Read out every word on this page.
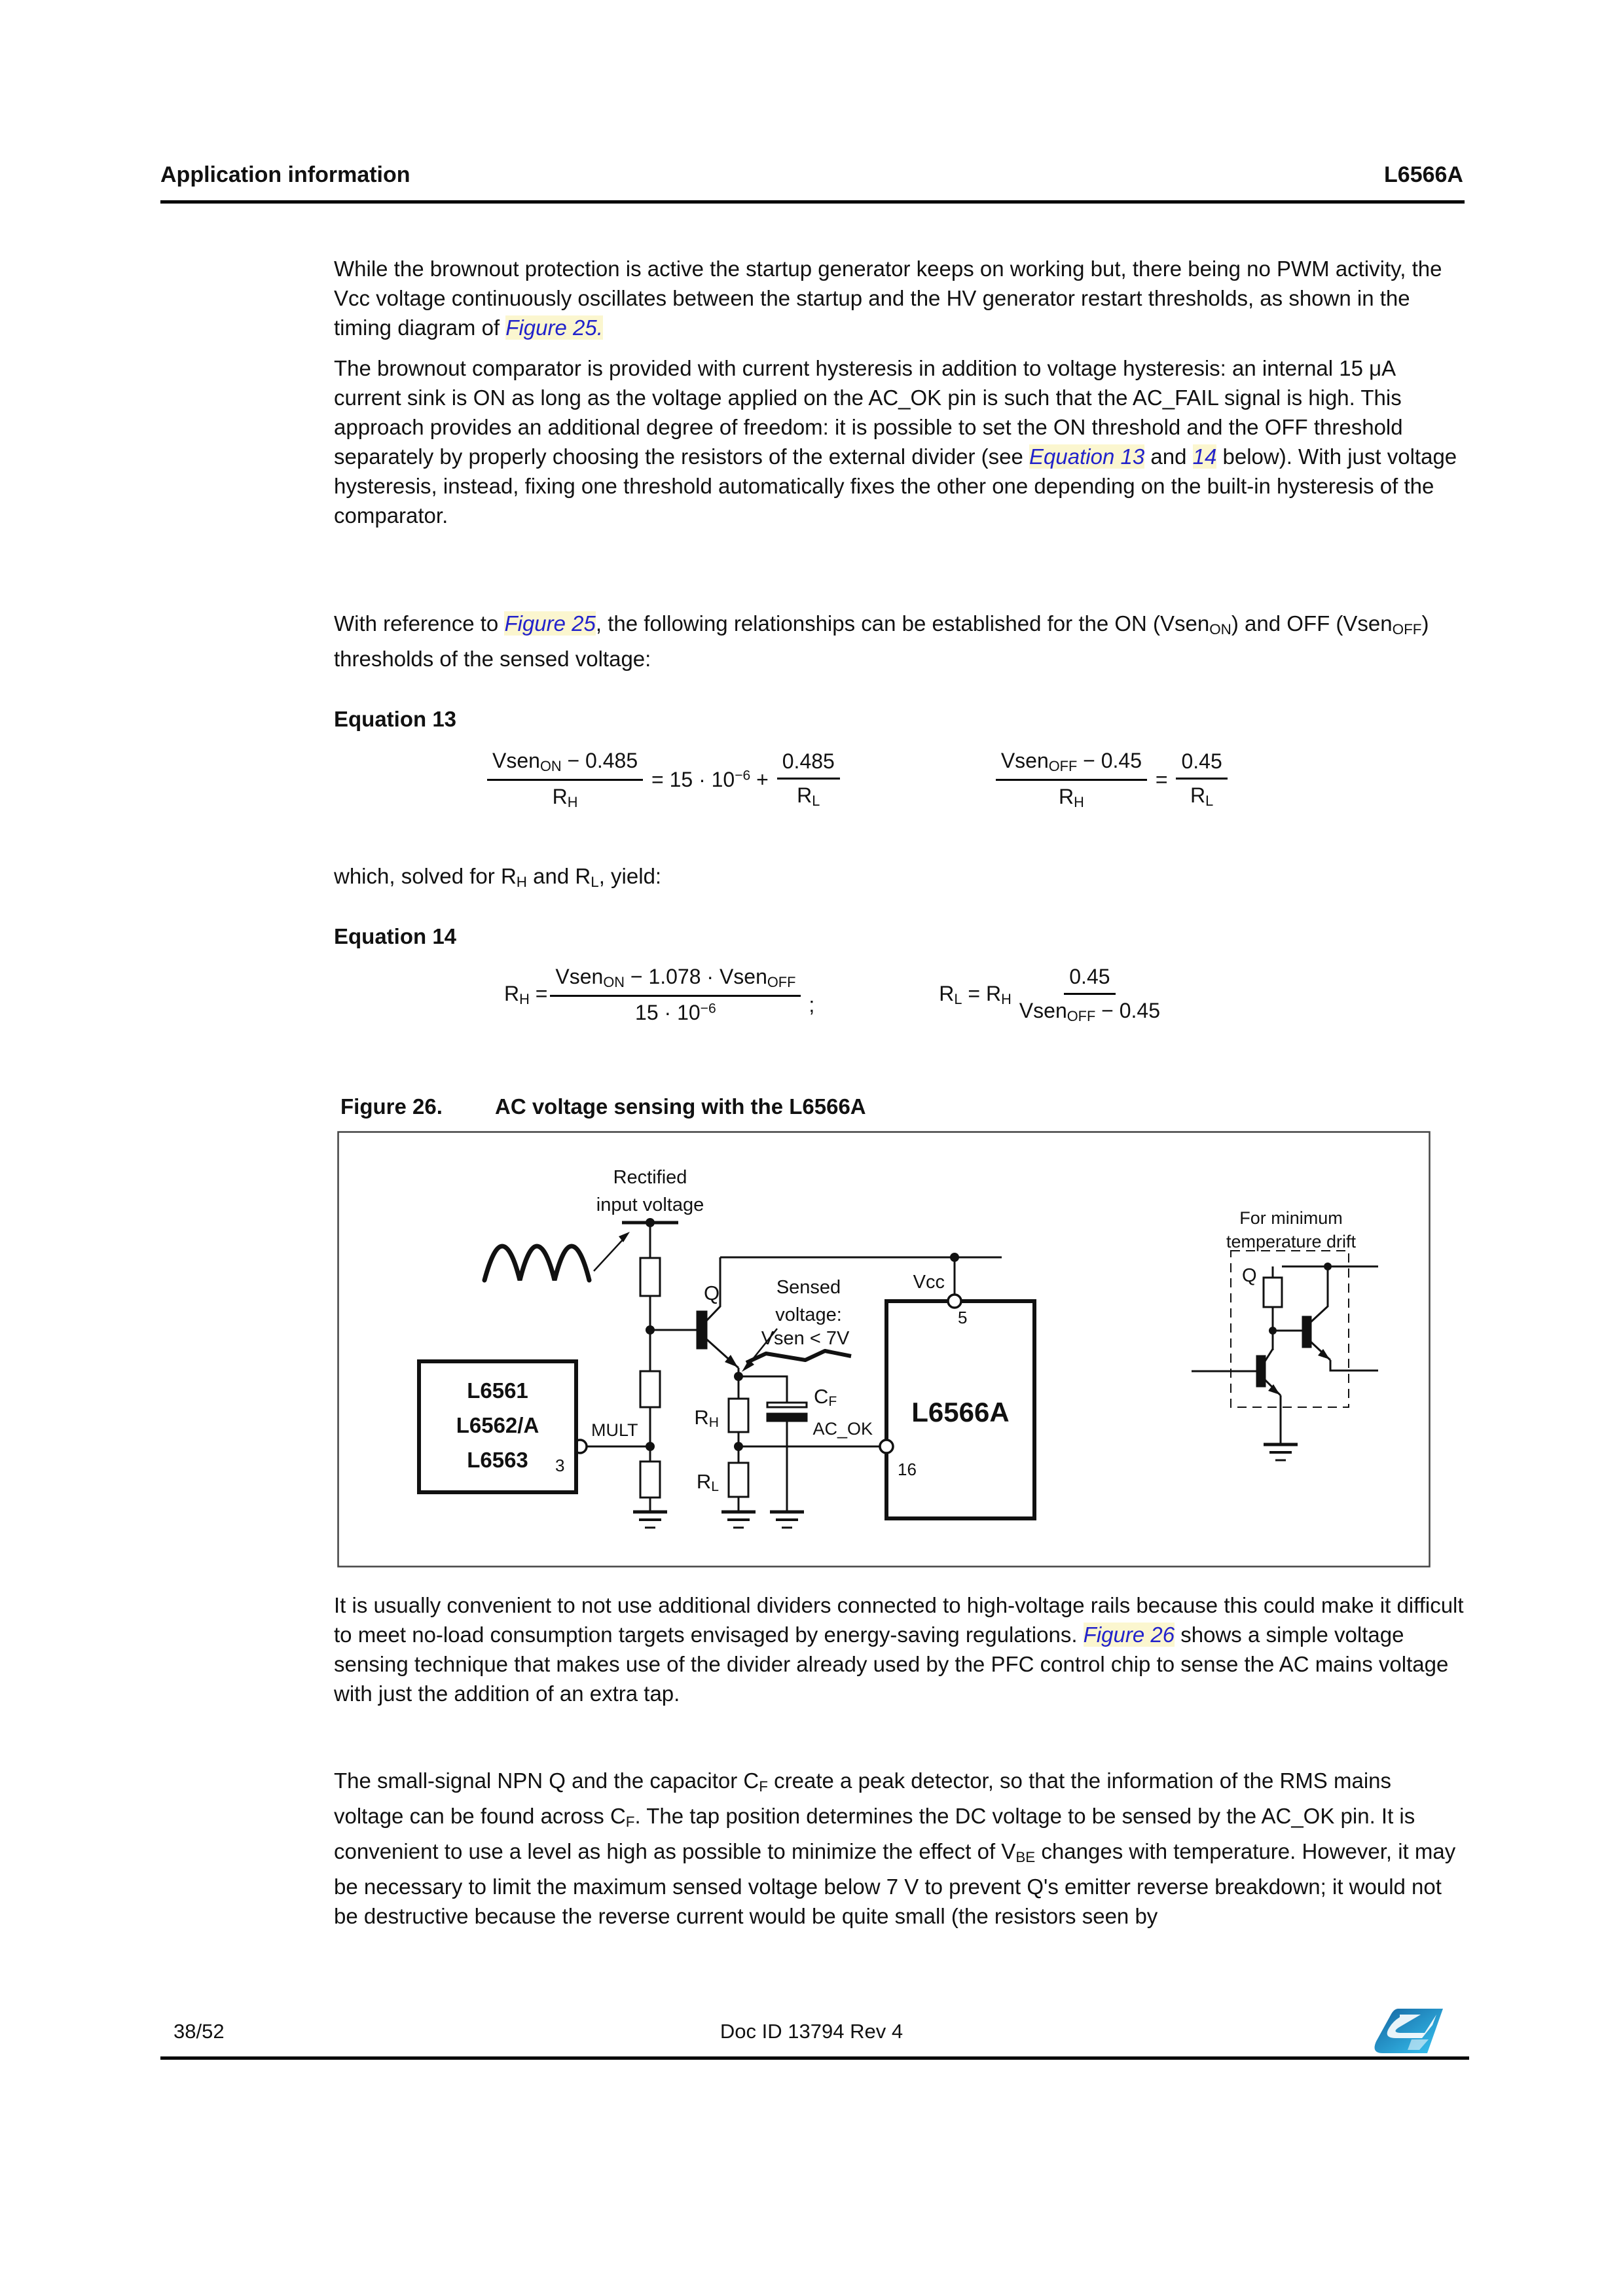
Application information	L6566A
While the brownout protection is active the startup generator keeps on working but, there being no PWM activity, the Vcc voltage continuously oscillates between the startup and the HV generator restart thresholds, as shown in the timing diagram of Figure 25.
The brownout comparator is provided with current hysteresis in addition to voltage hysteresis: an internal 15 μA current sink is ON as long as the voltage applied on the AC_OK pin is such that the AC_FAIL signal is high. This approach provides an additional degree of freedom: it is possible to set the ON threshold and the OFF threshold separately by properly choosing the resistors of the external divider (see Equation 13 and 14 below). With just voltage hysteresis, instead, fixing one threshold automatically fixes the other one depending on the built-in hysteresis of the comparator.
With reference to Figure 25, the following relationships can be established for the ON (VsenON) and OFF (VsenOFF) thresholds of the sensed voltage:
Equation 13
$\frac{\text{VsenON − 0.485}}{RH} = 15 \cdot 10^{-6} + \frac{0.485}{RL}$	$\frac{\text{VsenOFF − 0.45}}{RH} = \frac{0.45}{RL}$
which, solved for RH and RL, yield:
Equation 14
RH = $\frac{\text{VsenON − 1.078 · VsenOFF}}{15 \cdot 10^{-6}}$ ;	RL = RH $\frac{0.45}{\text{VsenOFF − 0.45}}$
Figure 26. AC voltage sensing with the L6566A
Rectified
input voltage
Q	Sensed
voltage:
Vsen < 7V
Vcc
5
MULT
3
AC_OK
16
RH
RL
CF
L6561
L6562/A
L6563
L6566A
For minimum
temperature drift
Q
It is usually convenient to not use additional dividers connected to high-voltage rails because this could make it difficult to meet no-load consumption targets envisaged by energy-saving regulations. Figure 26 shows a simple voltage sensing technique that makes use of the divider already used by the PFC control chip to sense the AC mains voltage with just the addition of an extra tap.
The small-signal NPN Q and the capacitor CF create a peak detector, so that the information of the RMS mains voltage can be found across CF. The tap position determines the DC voltage to be sensed by the AC_OK pin. It is convenient to use a level as high as possible to minimize the effect of VBE changes with temperature. However, it may be necessary to limit the maximum sensed voltage below 7 V to prevent Q's emitter reverse breakdown; it would not be destructive because the reverse current would be quite small (the resistors seen by
38/52	Doc ID 13794 Rev 4
